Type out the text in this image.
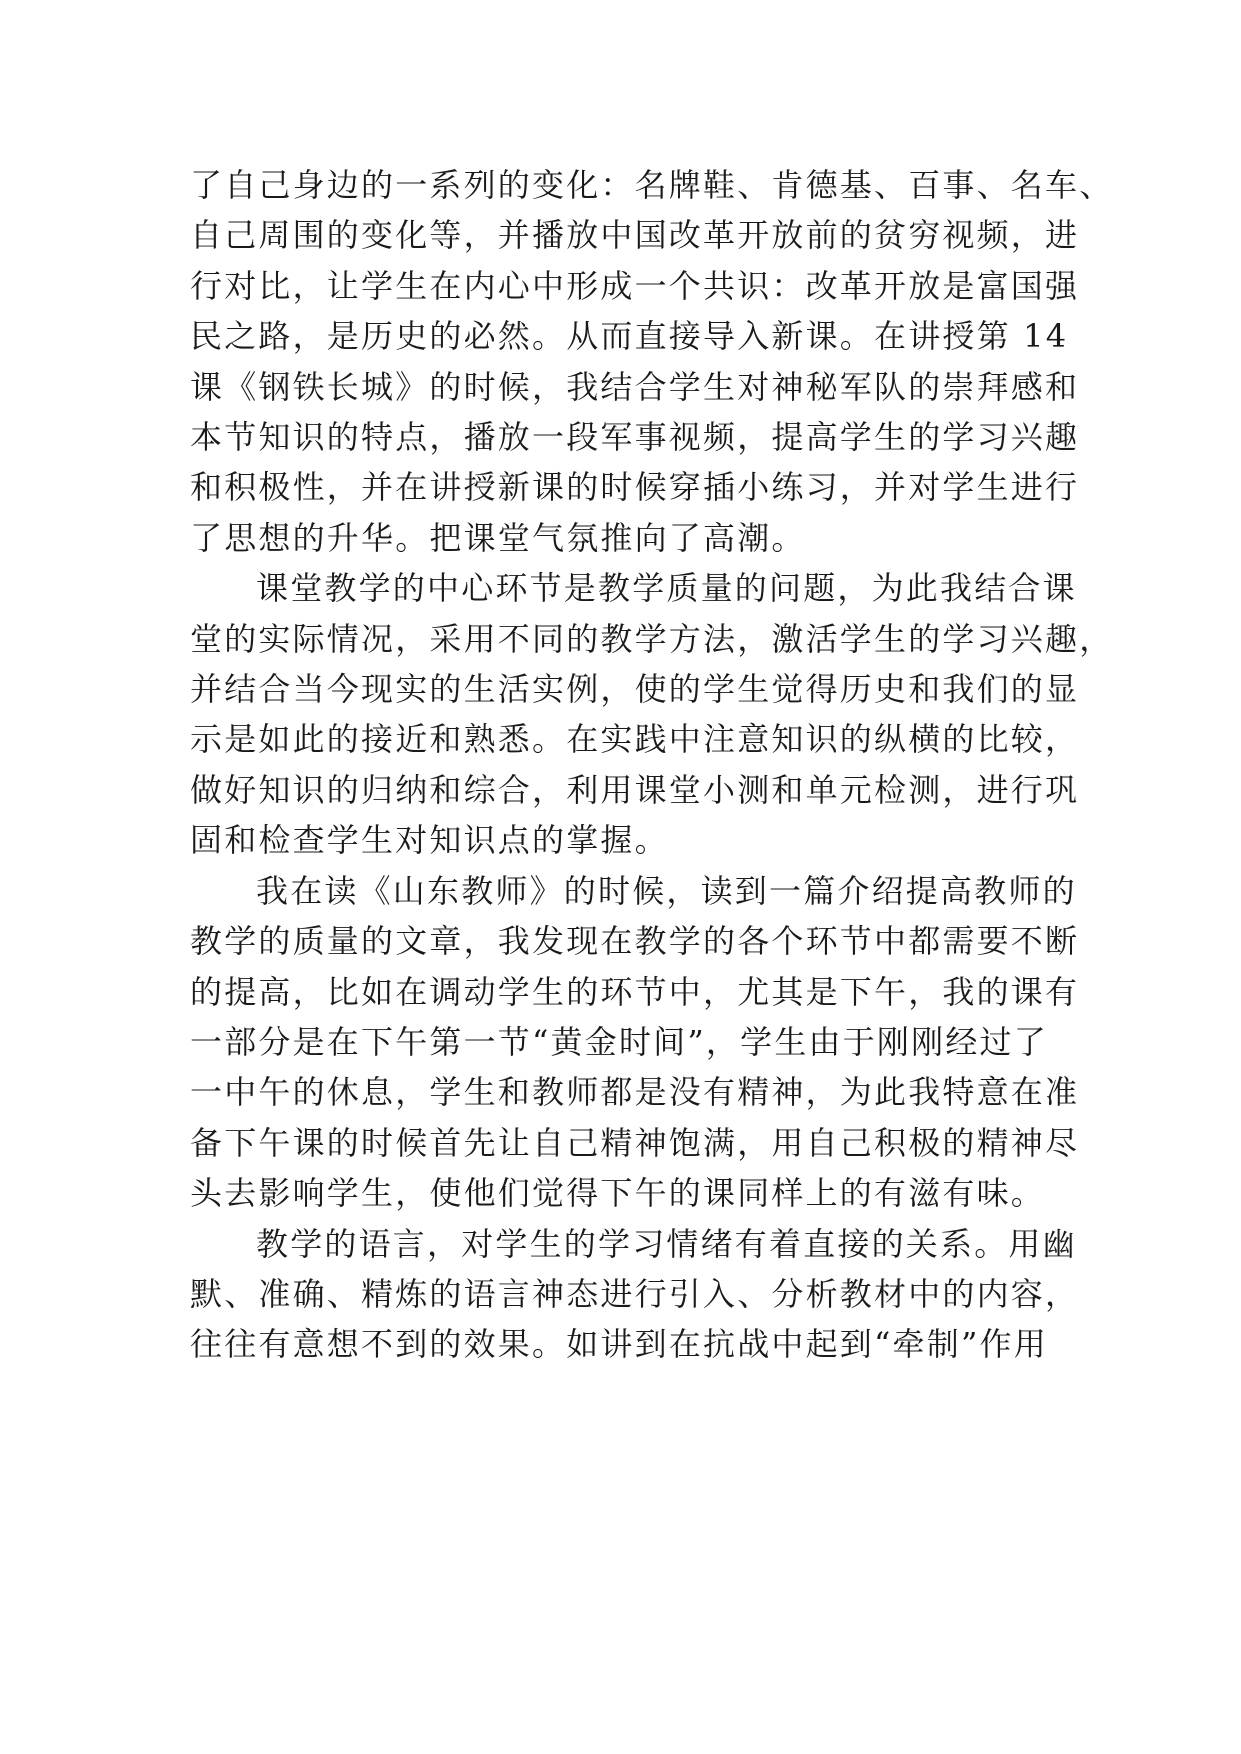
了自己身边的一系列的变化：名牌鞋、肯德基、百事、名车、
自己周围的变化等，并播放中国改革开放前的贫穷视频，进
行对比，让学生在内心中形成一个共识：改革开放是富国强
民之路，是历史的必然。从而直接导入新课。在讲授第 14
课《钢铁长城》的时候，我结合学生对神秘军队的崇拜感和
本节知识的特点，播放一段军事视频，提高学生的学习兴趣
和积极性，并在讲授新课的时候穿插小练习，并对学生进行
了思想的升华。把课堂气氛推向了高潮。
课堂教学的中心环节是教学质量的问题，为此我结合课
堂的实际情况，采用不同的教学方法，激活学生的学习兴趣，
并结合当今现实的生活实例，使的学生觉得历史和我们的显
示是如此的接近和熟悉。在实践中注意知识的纵横的比较，
做好知识的归纳和综合，利用课堂小测和单元检测，进行巩
固和检查学生对知识点的掌握。
我在读《山东教师》的时候，读到一篇介绍提高教师的
教学的质量的文章，我发现在教学的各个环节中都需要不断
的提高，比如在调动学生的环节中，尤其是下午，我的课有
一部分是在下午第一节“黄金时间”，学生由于刚刚经过了
一中午的休息，学生和教师都是没有精神，为此我特意在准
备下午课的时候首先让自己精神饱满，用自己积极的精神尽
头去影响学生，使他们觉得下午的课同样上的有滋有味。
教学的语言，对学生的学习情绪有着直接的关系。用幽
默、准确、精炼的语言神态进行引入、分析教材中的内容，
往往有意想不到的效果。如讲到在抗战中起到“牵制”作用
